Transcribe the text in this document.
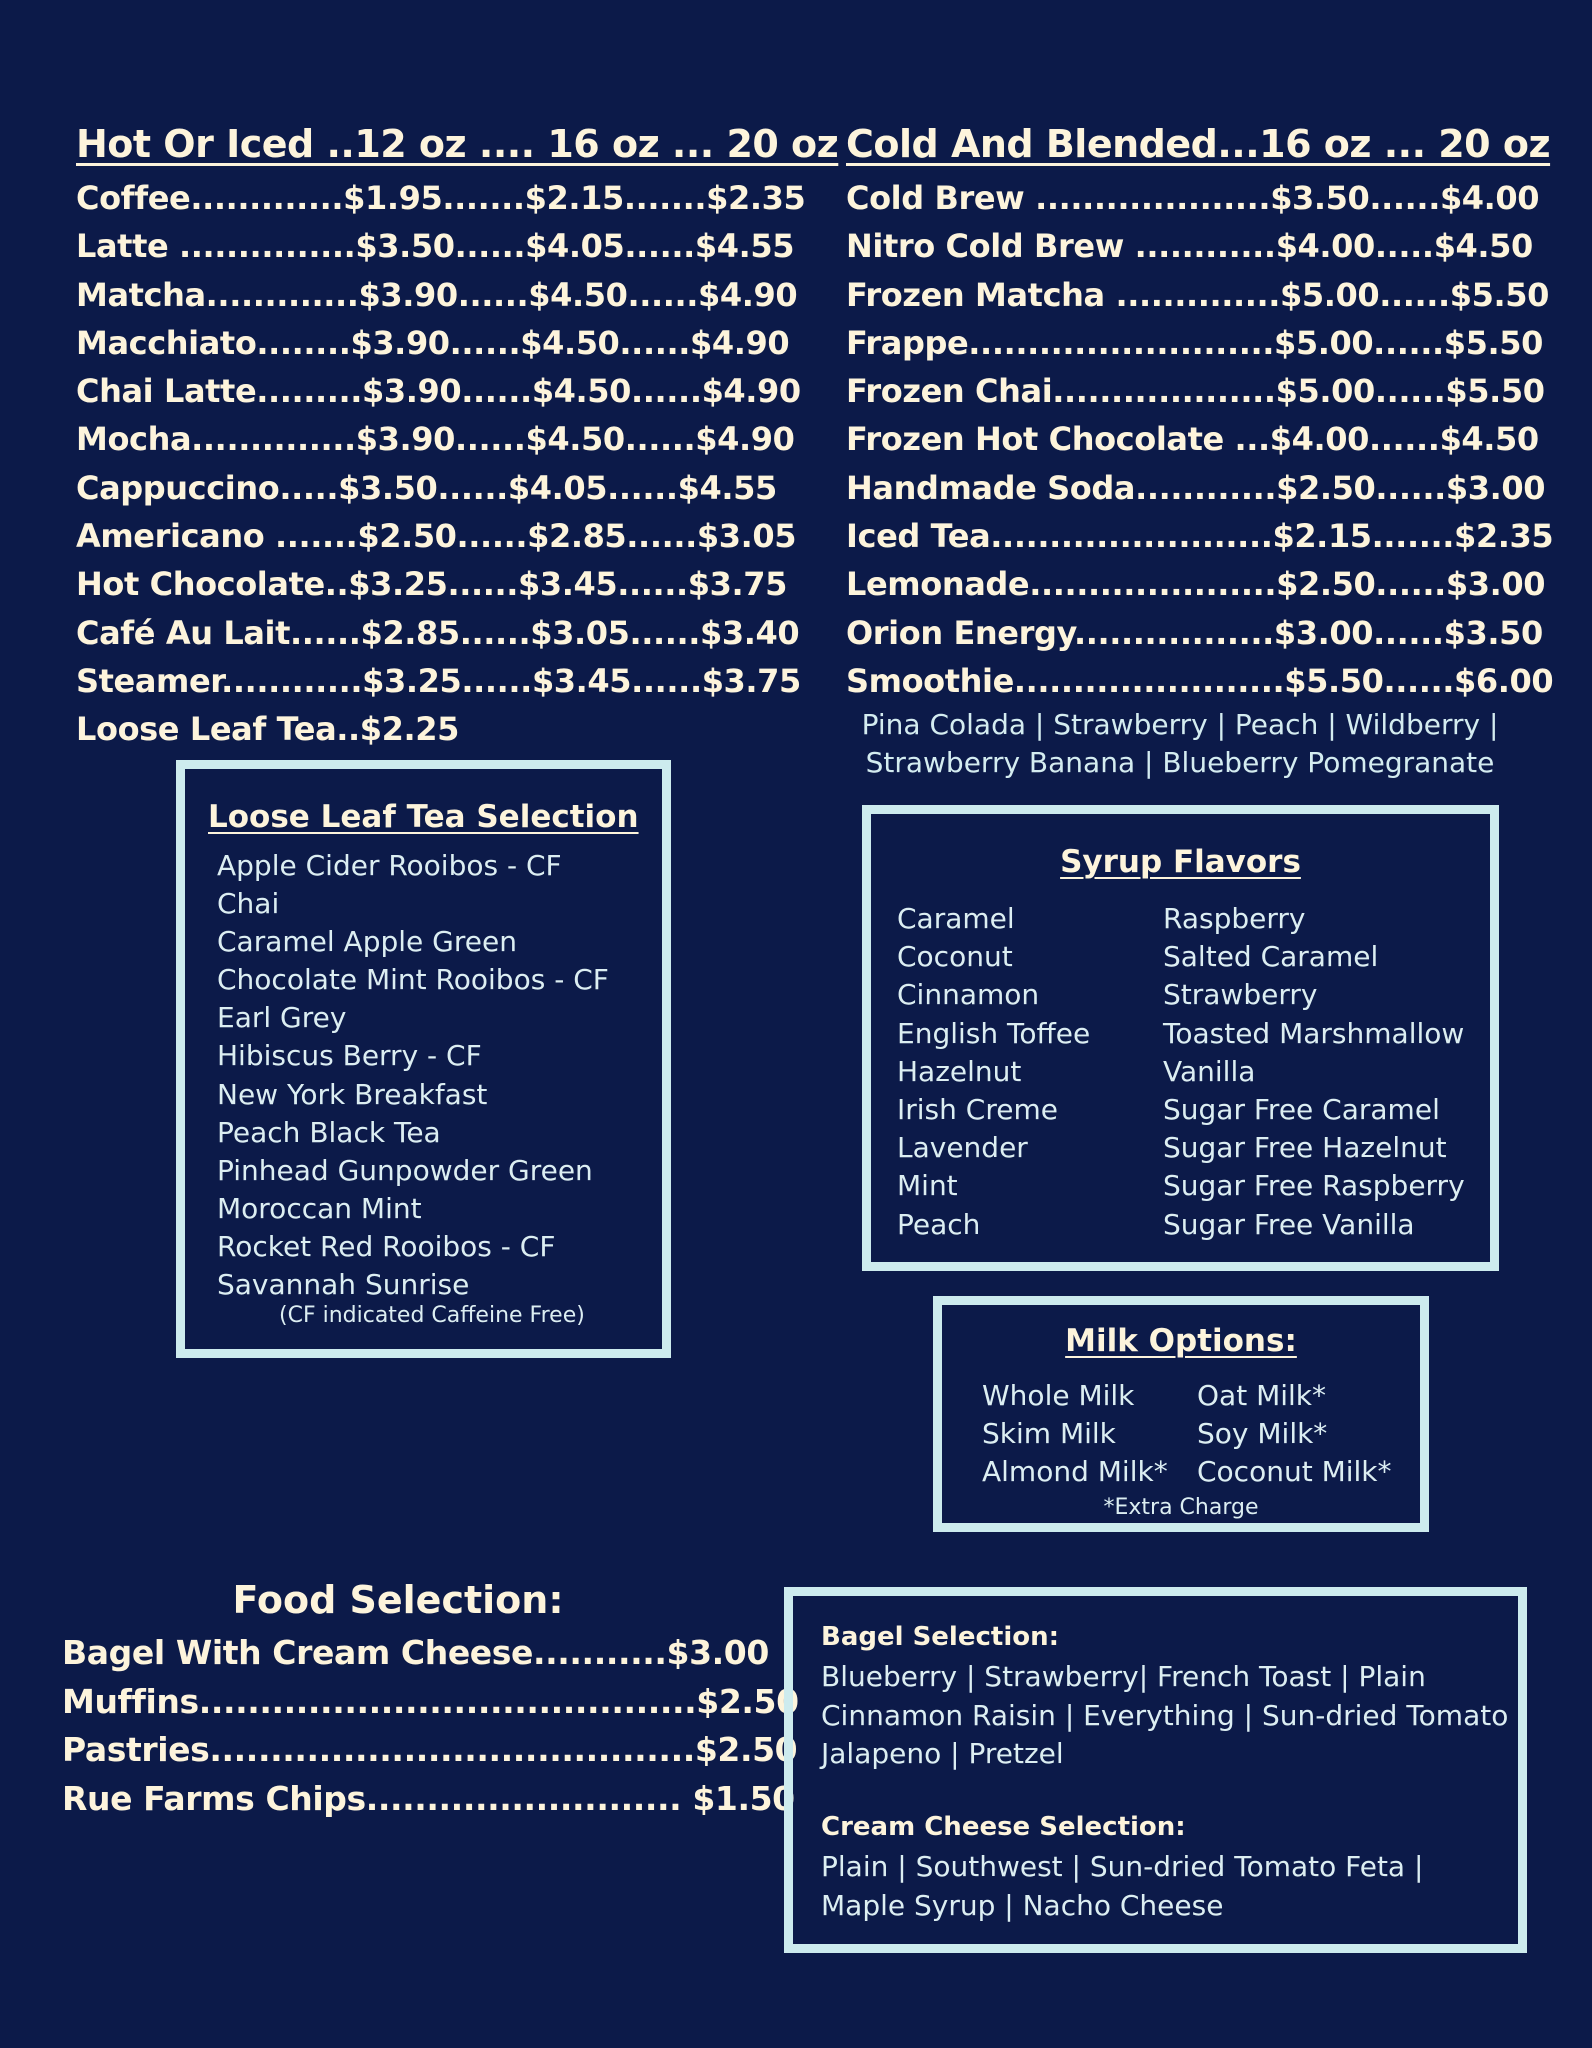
Hot Or Iced ..12 oz .... 16 oz ... 20 oz
Coffee.............$1.95.......$2.15.......$2.35
Latte ...............$3.50......$4.05......$4.55
Matcha.............$3.90......$4.50......$4.90
Macchiato........$3.90......$4.50......$4.90
Chai Latte.........$3.90......$4.50......$4.90
Mocha..............$3.90......$4.50......$4.90
Cappuccino.....$3.50......$4.05......$4.55
Americano .......$2.50......$2.85......$3.05
Hot Chocolate..$3.25......$3.45......$3.75
Café Au Lait......$2.85......$3.05......$3.40
Steamer............$3.25......$3.45......$3.75
Loose Leaf Tea..$2.25
Cold And Blended...16 oz ... 20 oz
Cold Brew ....................$3.50......$4.00
Nitro Cold Brew ............$4.00.....$4.50
Frozen Matcha ..............$5.00......$5.50
Frappe..........................$5.00......$5.50
Frozen Chai...................$5.00......$5.50
Frozen Hot Chocolate ...$4.00......$4.50
Handmade Soda............$2.50......$3.00
Iced Tea........................$2.15.......$2.35
Lemonade.....................$2.50......$3.00
Orion Energy.................$3.00......$3.50
Smoothie.......................$5.50......$6.00
Pina Colada | Strawberry | Peach | Wildberry |
Strawberry Banana | Blueberry Pomegranate
Loose Leaf Tea Selection
Apple Cider Rooibos - CF
Chai
Caramel Apple Green
Chocolate Mint Rooibos - CF
Earl Grey
Hibiscus Berry - CF
New York Breakfast
Peach Black Tea
Pinhead Gunpowder Green
Moroccan Mint
Rocket Red Rooibos - CF
Savannah Sunrise
(CF indicated Caffeine Free)
Syrup Flavors
Caramel
Coconut
Cinnamon
English Toffee
Hazelnut
Irish Creme
Lavender
Mint
Peach
Raspberry
Salted Caramel
Strawberry
Toasted Marshmallow
Vanilla
Sugar Free Caramel
Sugar Free Hazelnut
Sugar Free Raspberry
Sugar Free Vanilla
Milk Options:
Whole Milk
Skim Milk
Almond Milk*
Oat Milk*
Soy Milk*
Coconut Milk*
*Extra Charge
Food Selection:
Bagel With Cream Cheese...........$3.00
Muffins.........................................$2.50
Pastries........................................$2.50
Rue Farms Chips.......................... $1.50
Bagel Selection:
Blueberry | Strawberry| French Toast | Plain
Cinnamon Raisin | Everything | Sun-dried Tomato
Jalapeno | Pretzel
Cream Cheese Selection:
Plain | Southwest | Sun-dried Tomato Feta |
Maple Syrup | Nacho Cheese
